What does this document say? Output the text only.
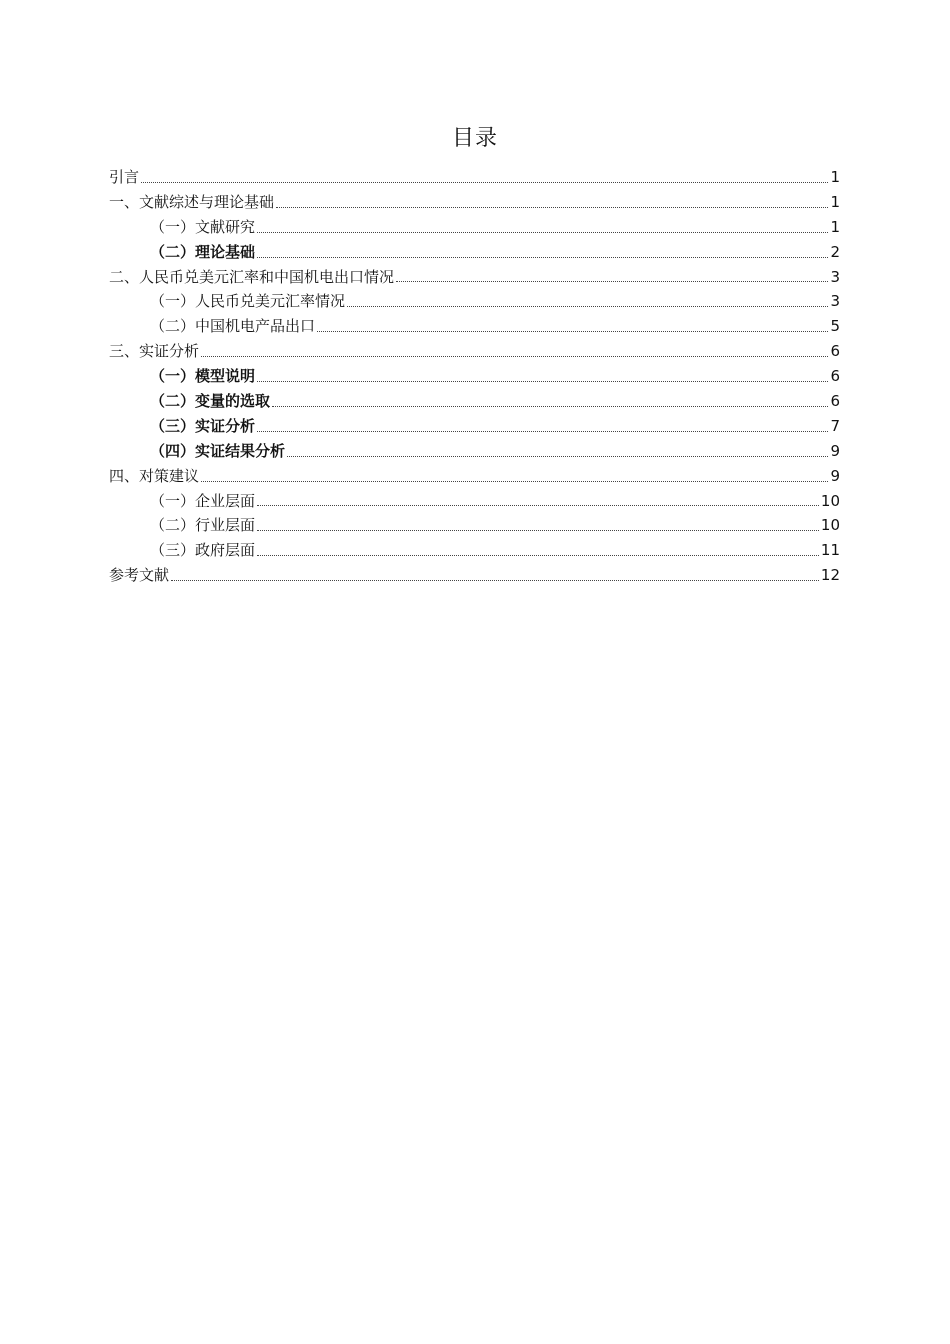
目录
引言	1
一、文献综述与理论基础	1
（一）文献研究	1
（二）理论基础	2
二、人民币兑美元汇率和中国机电出口情况	3
（一）人民币兑美元汇率情况	3
（二）中国机电产品出口	5
三、实证分析	6
（一）模型说明	6
（二）变量的选取	6
（三）实证分析	7
（四）实证结果分析	9
四、对策建议	9
（一）企业层面	10
（二）行业层面	10
（三）政府层面	11
参考文献	12
